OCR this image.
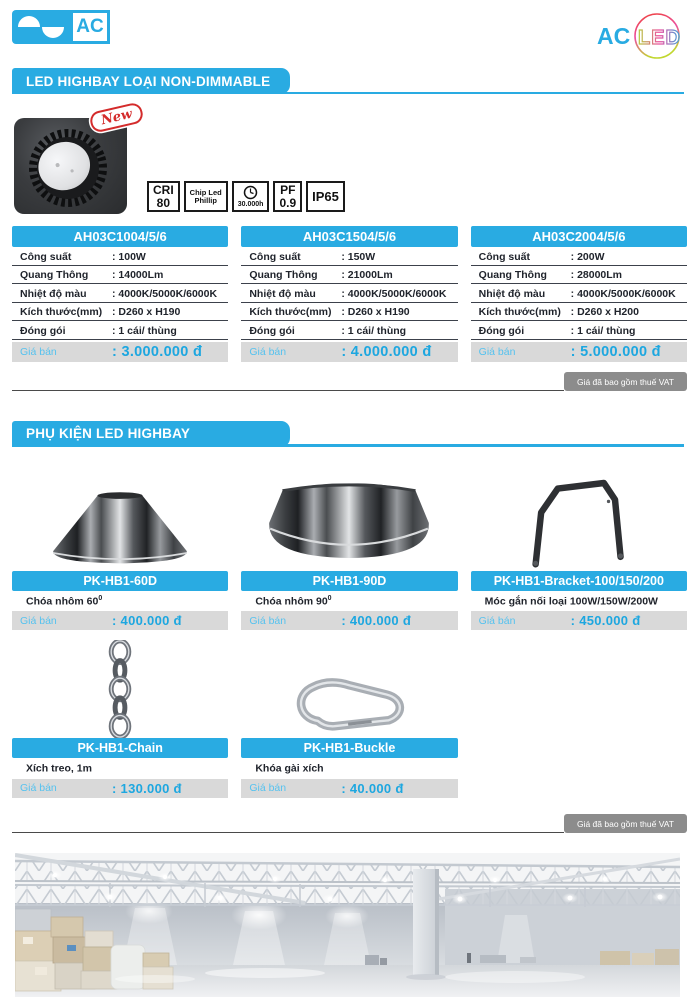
AC	AC LED
LED HIGHBAY LOẠI NON-DIMMABLE
New
CRI
80
Chip Led
Phillip	30.000h
PF
0.9 IP65
AH03C1004/5/6
Công suất	: 100W
Quang Thông	: 14000Lm
Nhiệt độ màu	: 4000K/5000K/6000K
Kích thước(mm) : D260 x H190
Đóng gói	: 1 cái/ thùng
Giá bán	: 3.000.000 đ
AH03C1504/5/6
Công suất	: 150W
Quang Thông	: 21000Lm
Nhiệt độ màu	: 4000K/5000K/6000K
Kích thước(mm) : D260 x H190
Đóng gói	: 1 cái/ thùng
Giá bán	: 4.000.000 đ
AH03C2004/5/6
Công suất	: 200W
Quang Thông	: 28000Lm
Nhiệt độ màu	: 4000K/5000K/6000K
Kích thước(mm) : D260 x H200
Đóng gói	: 1 cái/ thùng
Giá bán	: 5.000.000 đ
Giá đã bao gồm thuế VAT
PHỤ KIỆN LED HIGHBAY
PK-HB1-60D
Chóa nhôm $60^0$
Giá bán	: 400.000 đ
PK-HB1-90D
Chóa nhôm $90^0$
Giá bán	: 400.000 đ
PK-HB1-Bracket-100/150/200
Móc gắn nối loại 100W/150W/200W
Giá bán	: 450.000 đ
PK-HB1-Chain
Xích treo, 1m
Giá bán	: 130.000 đ
PK-HB1-Buckle
Khóa gài xích
Giá bán	: 40.000 đ
Giá đã bao gồm thuế VAT
